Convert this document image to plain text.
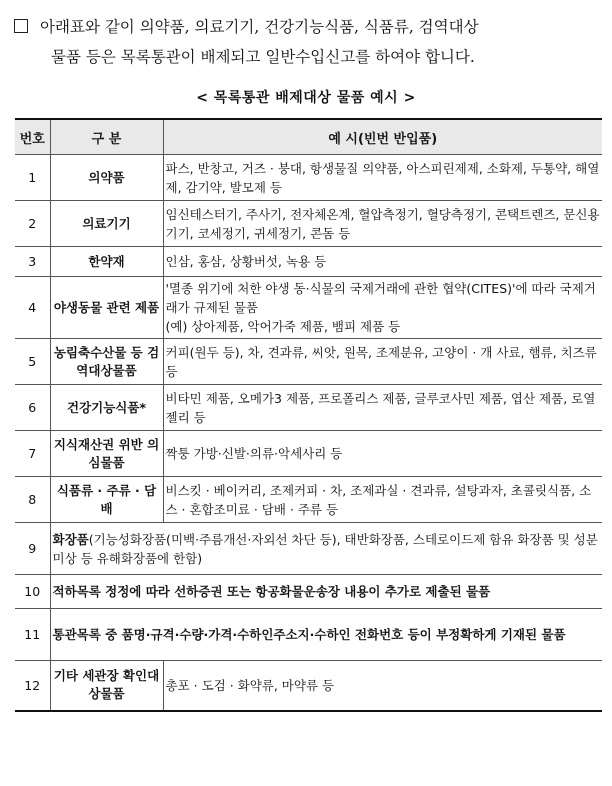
아래표와 같이 의약품, 의료기기, 건강기능식품, 식품류, 검역대상
물품 등은 목록통관이 배제되고 일반수입신고를 하여야 합니다.
< 목록통관 배제대상 물품 예시 >
번호	구 분	예 시(빈번 반입품)
1	의약품	파스, 반창고, 거즈 · 붕대, 항생물질 의약품, 아스피린제제, 소화제, 두통약, 해열제, 감기약, 발모제 등
2	의료기기	임신테스터기, 주사기, 전자체온계, 혈압측정기, 혈당측정기, 콘택트렌즈, 문신용기기, 코세정기, 귀세정기, 콘돔 등
3	한약재	인삼, 홍삼, 상황버섯, 녹용 등
4	야생동물 관련 제품	'멸종 위기에 처한 야생 동·식물의 국제거래에 관한 협약(CITES)'에 따라 국제거래가 규제된 물품
(예) 상아제품, 악어가죽 제품, 뱀피 제품 등
5	농림축수산물 등 검역대상물품	커피(원두 등), 차, 견과류, 씨앗, 원목, 조제분유, 고양이 · 개 사료, 햄류, 치즈류 등
6	건강기능식품*	비타민 제품, 오메가3 제품, 프로폴리스 제품, 글루코사민 제품, 엽산 제품, 로열젤리 등
7	지식재산권 위반 의심물품	짝퉁 가방·신발·의류·악세사리 등
8	식품류 · 주류 · 담배	비스킷 · 베이커리, 조제커피 · 차, 조제과실 · 견과류, 설탕과자, 초콜릿식품, 소스 · 혼합조미료 · 담배 · 주류 등
9	화장품(기능성화장품(미백·주름개선·자외선 차단 등), 태반화장품, 스테로이드제 함유 화장품 및 성분 미상 등 유해화장품에 한함)	
10	적하목록 정정에 따라 선하증권 또는 항공화물운송장 내용이 추가로 제출된 물품	
11	통관목록 중 품명·규격·수량·가격·수하인주소지·수하인 전화번호 등이 부정확하게 기재된 물품	
12	기타 세관장 확인대상물품	총포 · 도검 · 화약류, 마약류 등
